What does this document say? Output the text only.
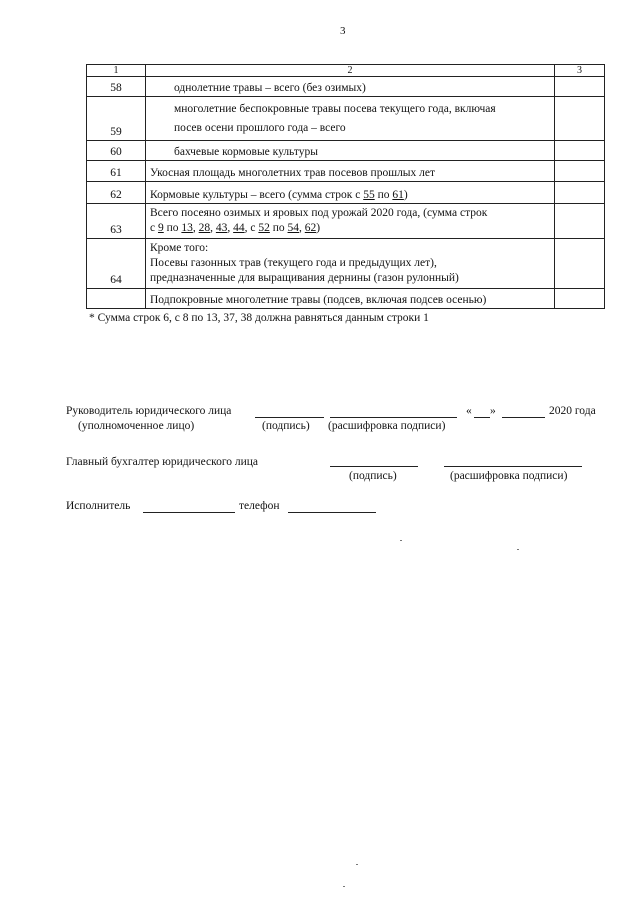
3
1	2	3
58	однолетние травы – всего (без озимых)	
59	многолетние беспокровные травы посева текущего года, включая
посев осени прошлого года – всего	

60	бахчевые кормовые культуры	
61	Укосная площадь многолетних трав посевов прошлых лет	
62	Кормовые культуры – всего (сумма строк с 55 по 61)	
63	Всего посеяно озимых и яровых под урожай 2020 года, (сумма строк
с 9 по 13, 28, 43, 44, с 52 по 54, 62)	

64	Кроме того:
Посевы газонных трав (текущего года и предыдущих лет),
предназначенные для выращивания дернины (газон рулонный)	

	Подпокровные многолетние травы (подсев, включая подсев осенью)	
* Сумма строк 6, с 8 по 13, 37, 38 должна равняться данным строки 1
Руководитель юридического лица	« »	2020 года
(уполномоченное лицо)	(подпись) (расшифровка подписи)
Главный бухгалтер юридического лица
(подпись)	(расшифровка подписи)
Исполнитель	телефон
